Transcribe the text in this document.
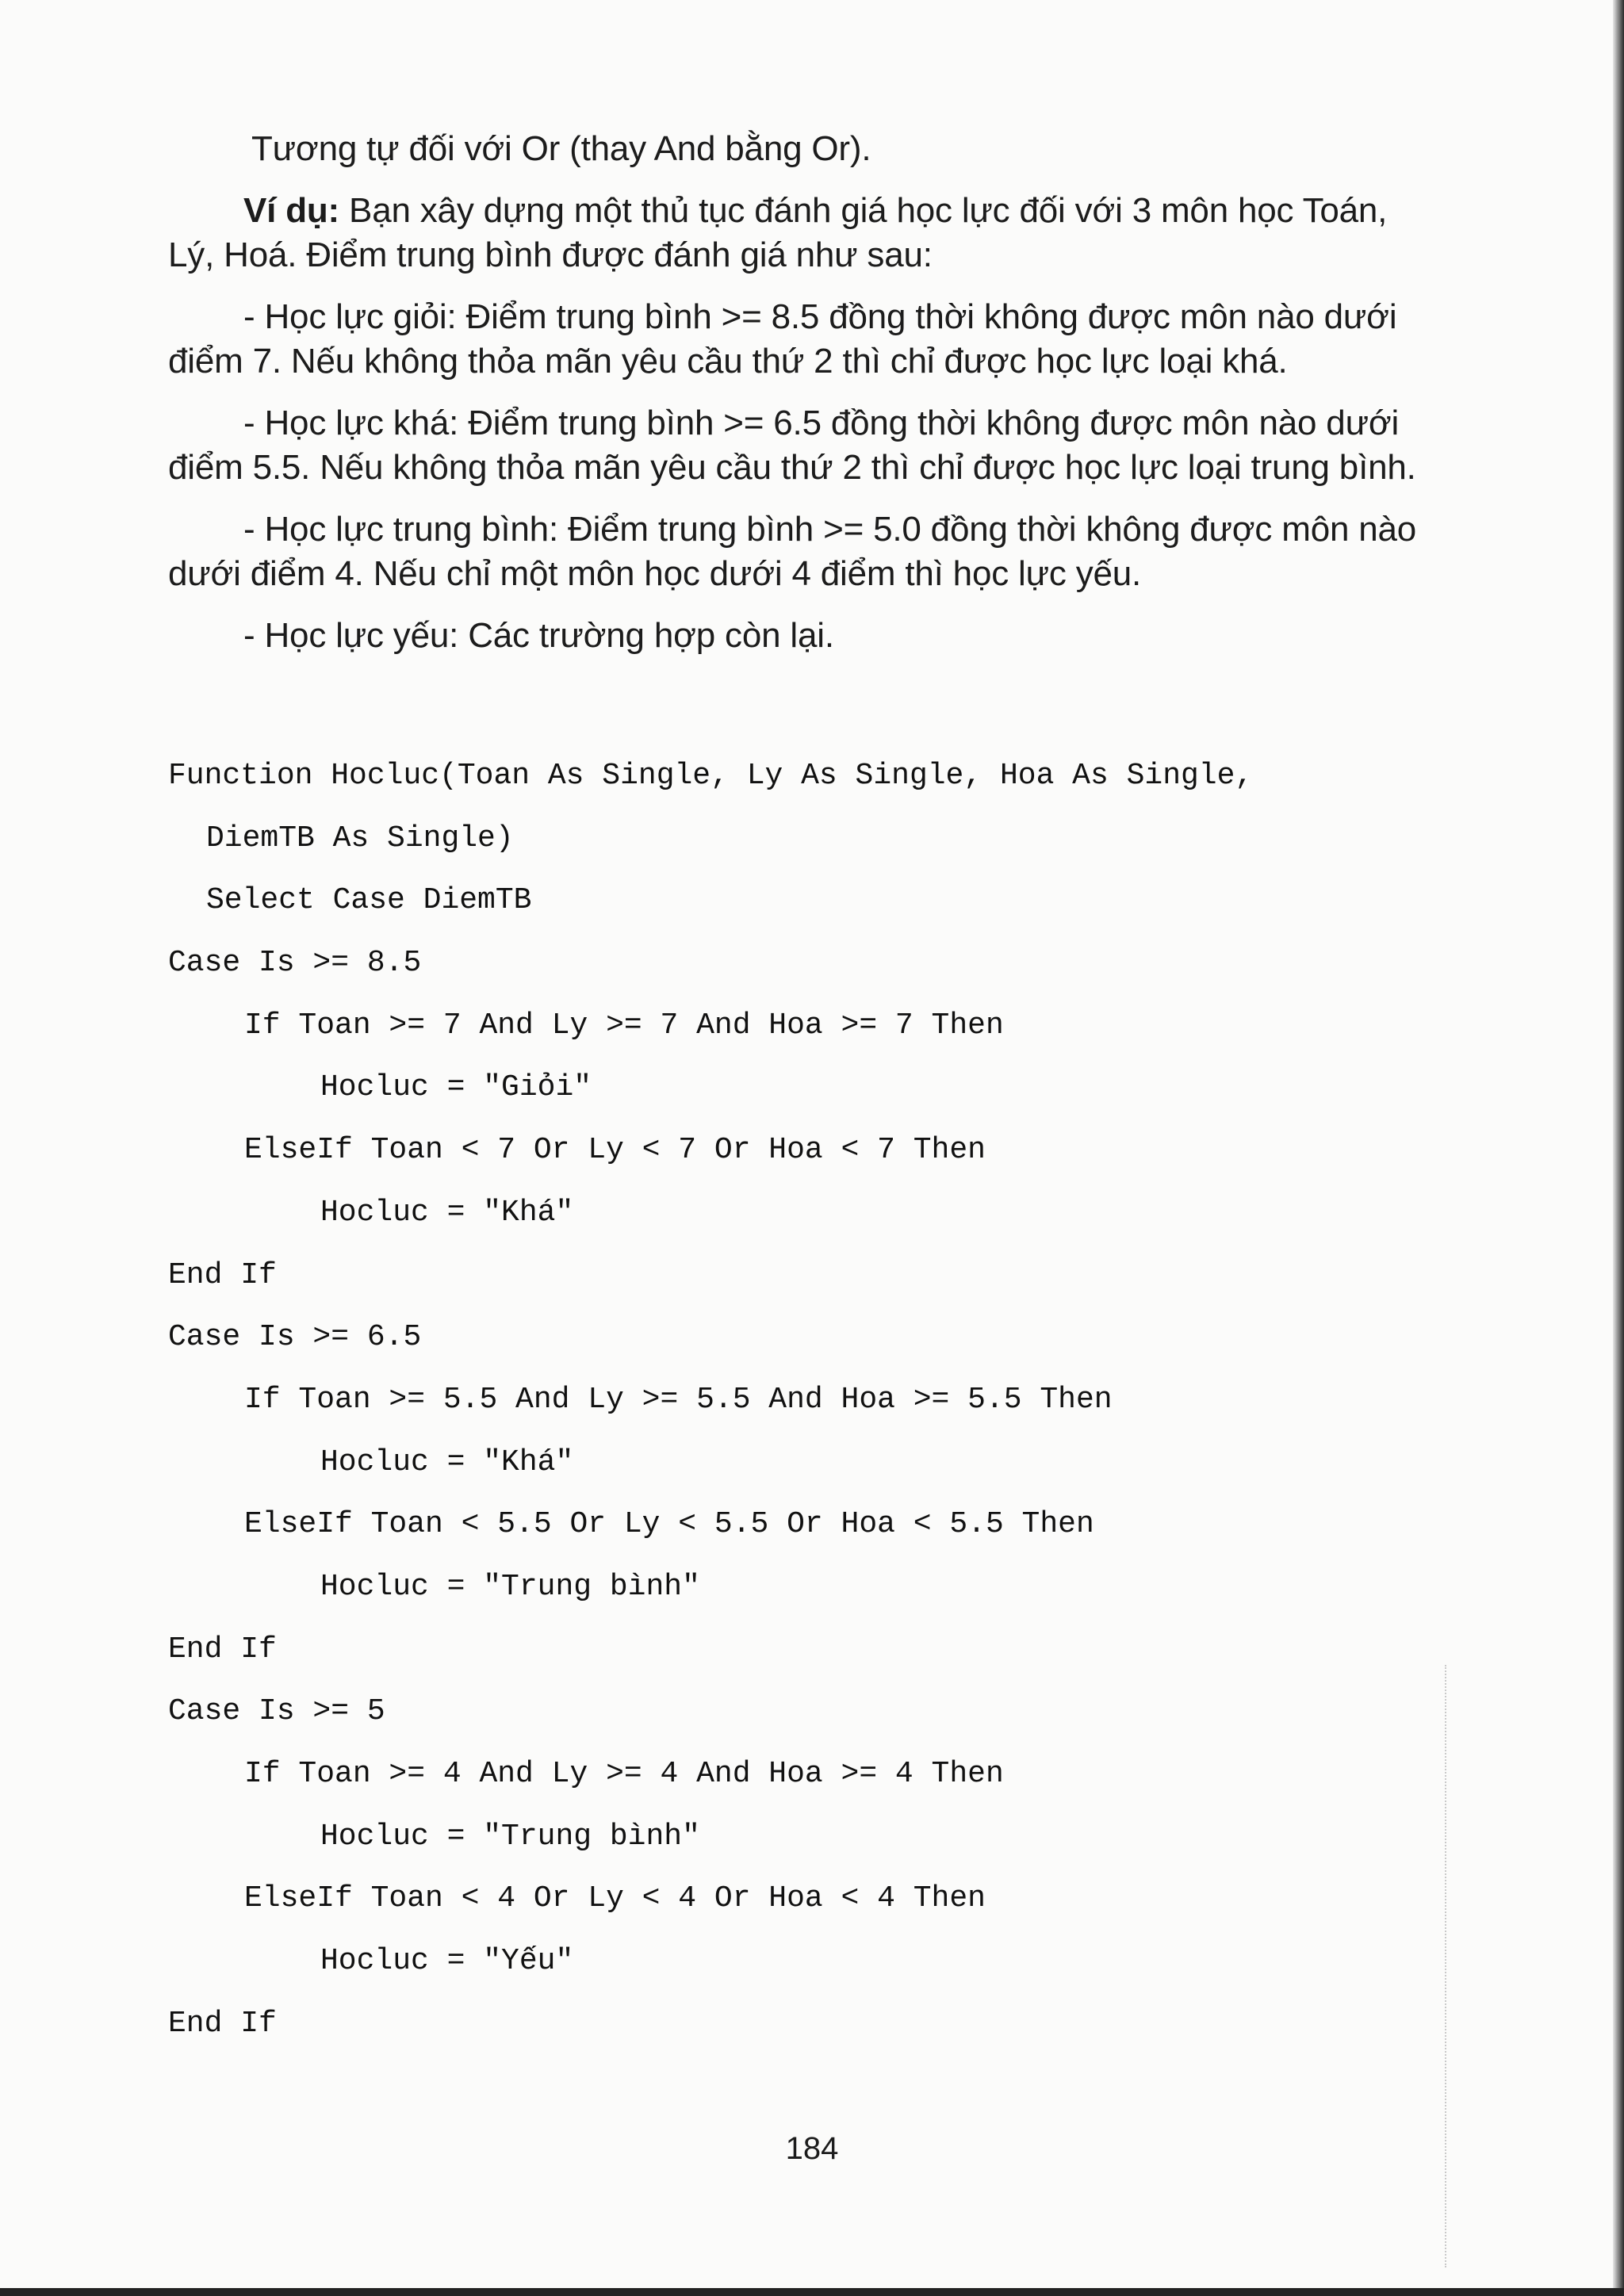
Tương tự đối với Or (thay And bằng Or).

Ví dụ: Bạn xây dựng một thủ tục đánh giá học lực đối với 3 môn học Toán, Lý, Hoá. Điểm trung bình được đánh giá như sau:

- Học lực giỏi: Điểm trung bình >= 8.5 đồng thời không được môn nào dưới điểm 7. Nếu không thỏa mãn yêu cầu thứ 2 thì chỉ được học lực loại khá.

- Học lực khá: Điểm trung bình >= 6.5 đồng thời không được môn nào dưới điểm 5.5. Nếu không thỏa mãn yêu cầu thứ 2 thì chỉ được học lực loại trung bình.

- Học lực trung bình: Điểm trung bình >= 5.0 đồng thời không được môn nào dưới điểm 4. Nếu chỉ một môn học dưới 4 điểm thì học lực yếu.

- Học lực yếu: Các trường hợp còn lại.

Function Hocluc(Toan As Single, Ly As Single, Hoa As Single,
DiemTB As Single)
Select Case DiemTB
Case Is >= 8.5
If Toan >= 7 And Ly >= 7 And Hoa >= 7 Then
Hocluc = "Giỏi"
ElseIf Toan < 7 Or Ly < 7 Or Hoa < 7 Then
Hocluc = "Khá"
End If
Case Is >= 6.5
If Toan >= 5.5 And Ly >= 5.5 And Hoa >= 5.5 Then
Hocluc = "Khá"
ElseIf Toan < 5.5 Or Ly < 5.5 Or Hoa < 5.5 Then
Hocluc = "Trung bình"
End If
Case Is >= 5
If Toan >= 4 And Ly >= 4 And Hoa >= 4 Then
Hocluc = "Trung bình"
ElseIf Toan < 4 Or Ly < 4 Or Hoa < 4 Then
Hocluc = "Yếu"
End If
184
